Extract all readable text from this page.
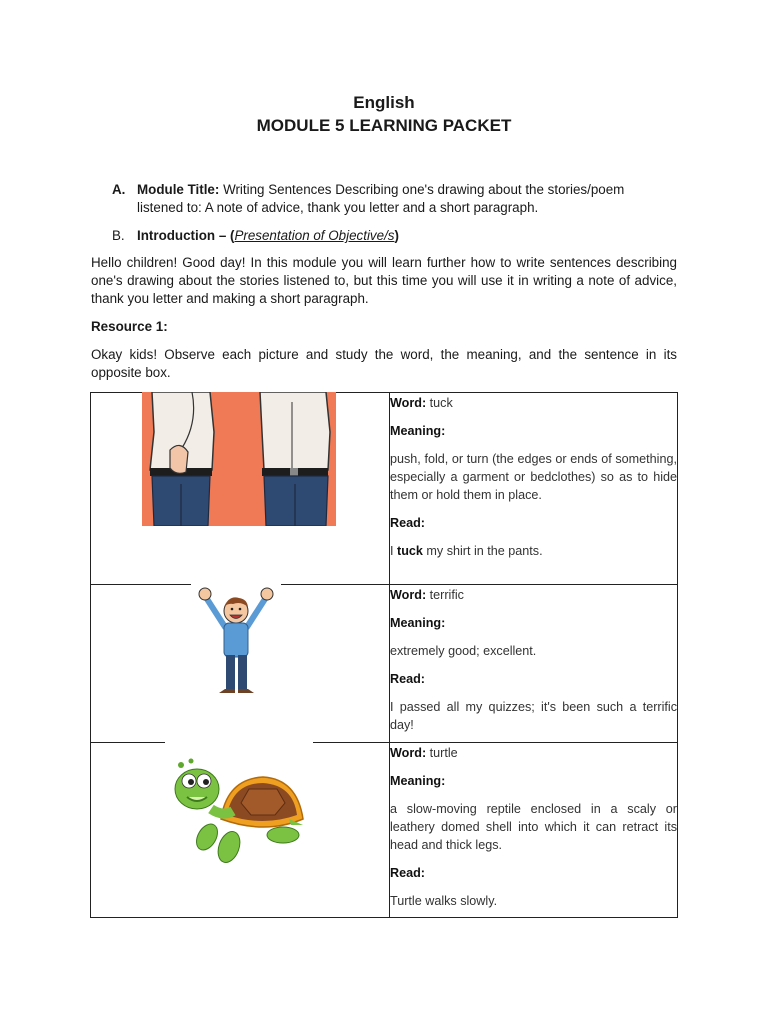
English
MODULE 5 LEARNING PACKET
A. Module Title: Writing Sentences Describing one's drawing about the stories/poem listened to: A note of advice, thank you letter and a short paragraph.
B. Introduction – (Presentation of Objective/s)
Hello children! Good day! In this module you will learn further how to write sentences describing one's drawing about the stories listened to, but this time you will use it in writing a note of advice, thank you letter and making a short paragraph.
Resource 1:
Okay kids! Observe each picture and study the word, the meaning, and the sentence in its opposite box.

Word: tuck

Meaning:

push, fold, or turn (the edges or ends of something, especially a garment or bedclothes) so as to hide them or hold them in place.

Read:

I tuck my shirt in the pants.

Word: terrific

Meaning:

extremely good; excellent.

Read:

I passed all my quizzes; it's been such a terrific day!

Word: turtle

Meaning:

a slow-moving reptile enclosed in a scaly or leathery domed shell into which it can retract its head and thick legs.

Read:

Turtle walks slowly.
